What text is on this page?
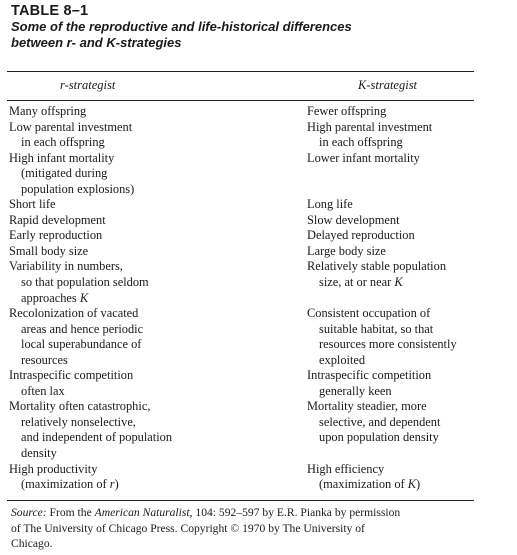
TABLE 8–1
Some of the reproductive and life-historical differences
between r- and K-strategies
r-strategist	K-strategist
Many offspring
Low parental investment
in each offspring
High infant mortality
(mitigated during
population explosions)
Short life
Rapid development
Early reproduction
Small body size
Variability in numbers,
so that population seldom
approaches K
Recolonization of vacated
areas and hence periodic
local superabundance of
resources
Intraspecific competition
often lax
Mortality often catastrophic,
relatively nonselective,
and independent of population
density
High productivity
(maximization of r)
Fewer offspring
High parental investment
in each offspring
Lower infant mortality

Long life
Slow development
Delayed reproduction
Large body size
Relatively stable population
size, at or near K

Consistent occupation of
suitable habitat, so that
resources more consistently
exploited
Intraspecific competition
generally keen
Mortality steadier, more
selective, and dependent
upon population density

High efficiency
(maximization of K)
Source: From the American Naturalist, 104: 592–597 by E.R. Pianka by permission
of The University of Chicago Press. Copyright © 1970 by The University of
Chicago.
